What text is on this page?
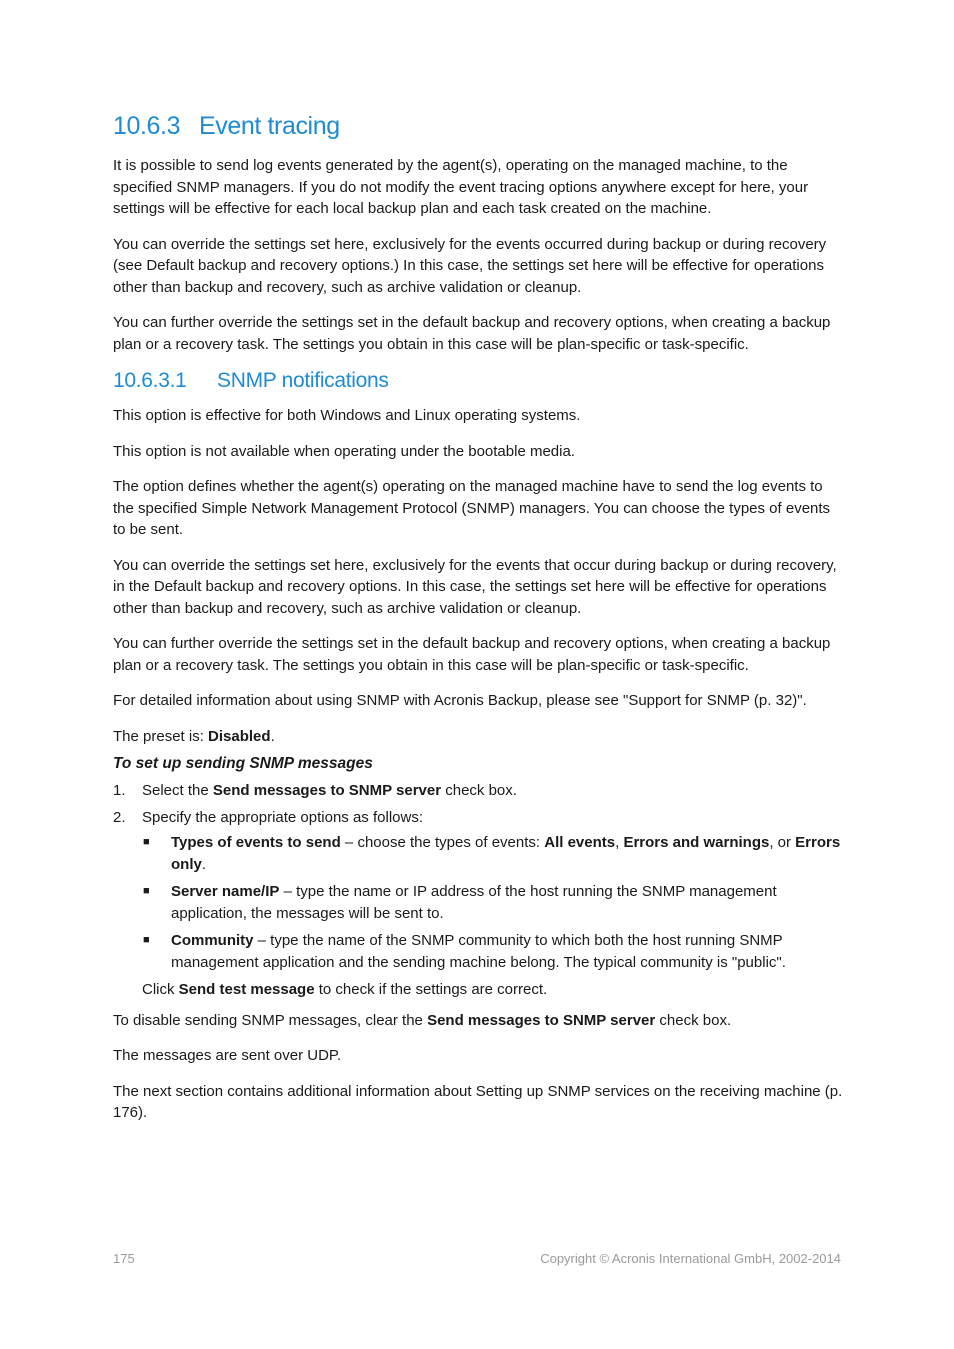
10.6.3 Event tracing

It is possible to send log events generated by the agent(s), operating on the managed machine, to the specified SNMP managers. If you do not modify the event tracing options anywhere except for here, your settings will be effective for each local backup plan and each task created on the machine.

You can override the settings set here, exclusively for the events occurred during backup or during recovery (see Default backup and recovery options.) In this case, the settings set here will be effective for operations other than backup and recovery, such as archive validation or cleanup.

You can further override the settings set in the default backup and recovery options, when creating a backup plan or a recovery task. The settings you obtain in this case will be plan-specific or task-specific.

10.6.3.1 SNMP notifications

This option is effective for both Windows and Linux operating systems.

This option is not available when operating under the bootable media.

The option defines whether the agent(s) operating on the managed machine have to send the log events to the specified Simple Network Management Protocol (SNMP) managers. You can choose the types of events to be sent.

You can override the settings set here, exclusively for the events that occur during backup or during recovery, in the Default backup and recovery options. In this case, the settings set here will be effective for operations other than backup and recovery, such as archive validation or cleanup.

You can further override the settings set in the default backup and recovery options, when creating a backup plan or a recovery task. The settings you obtain in this case will be plan-specific or task-specific.

For detailed information about using SNMP with Acronis Backup, please see "Support for SNMP (p. 32)".

The preset is: Disabled.

To set up sending SNMP messages
1. Select the Send messages to SNMP server check box.
2. Specify the appropriate options as follows:
■ Types of events to send – choose the types of events: All events, Errors and warnings, or Errors only.
■ Server name/IP – type the name or IP address of the host running the SNMP management application, the messages will be sent to.
■ Community – type the name of the SNMP community to which both the host running SNMP management application and the sending machine belong. The typical community is "public".
Click Send test message to check if the settings are correct.

To disable sending SNMP messages, clear the Send messages to SNMP server check box.

The messages are sent over UDP.

The next section contains additional information about Setting up SNMP services on the receiving machine (p. 176).

175	Copyright © Acronis International GmbH, 2002-2014
